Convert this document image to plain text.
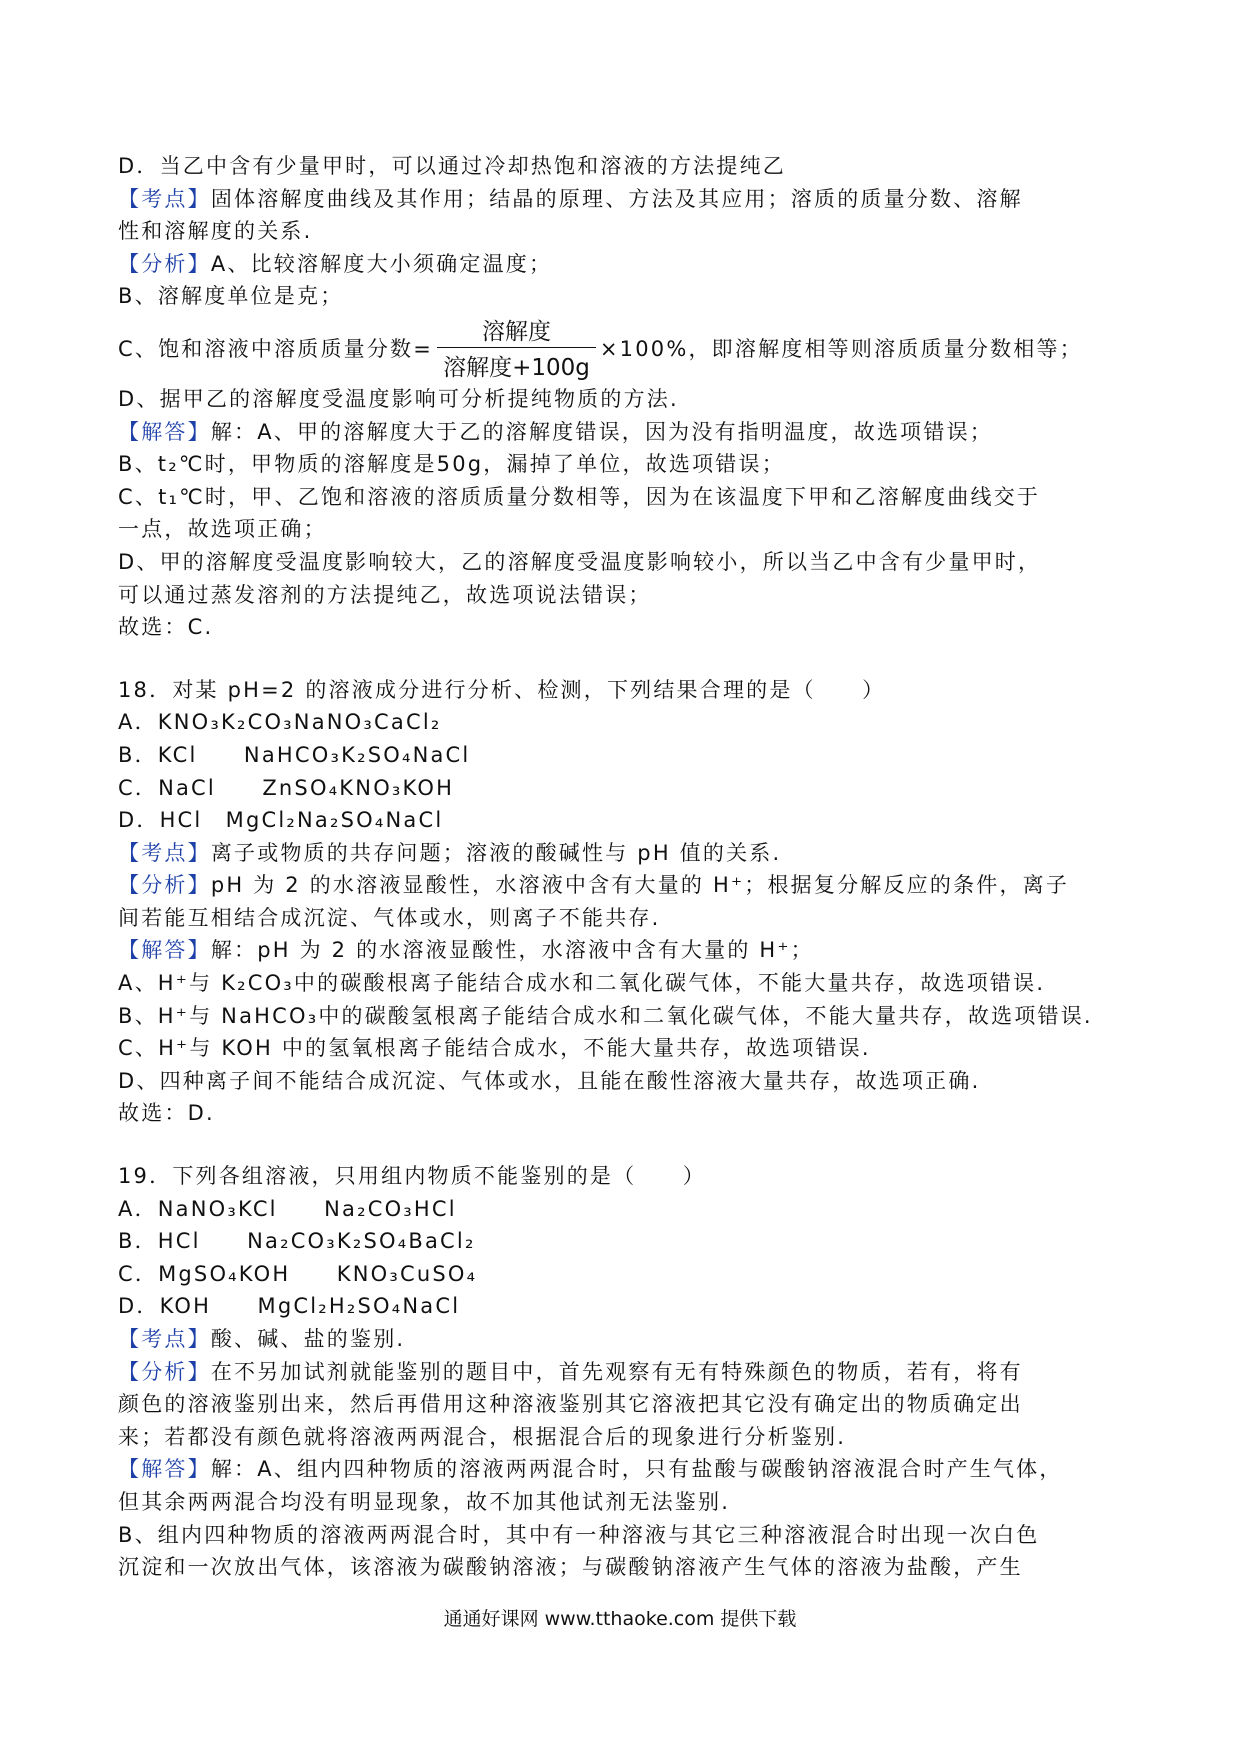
D．当乙中含有少量甲时，可以通过冷却热饱和溶液的方法提纯乙
【考点】固体溶解度曲线及其作用；结晶的原理、方法及其应用；溶质的质量分数、溶解
性和溶解度的关系.
【分析】A、比较溶解度大小须确定温度；
B、溶解度单位是克；
C、饱和溶液中溶质质量分数= $\frac{\text{溶解度}}{\text{溶解度+100g}} \times 100\%$，即溶解度相等则溶质质量分数相等；
D、据甲乙的溶解度受温度影响可分析提纯物质的方法.
【解答】解：A、甲的溶解度大于乙的溶解度错误，因为没有指明温度，故选项错误；
B、t₂℃时，甲物质的溶解度是50g，漏掉了单位，故选项错误；
C、t₁℃时，甲、乙饱和溶液的溶质质量分数相等，因为在该温度下甲和乙溶解度曲线交于
一点，故选项正确；
D、甲的溶解度受温度影响较大，乙的溶解度受温度影响较小，所以当乙中含有少量甲时，
可以通过蒸发溶剂的方法提纯乙，故选项说法错误；
故选：C.
18．对某 pH=2 的溶液成分进行分析、检测，下列结果合理的是（　　）
A．KNO₃K₂CO₃NaNO₃CaCl₂
B．KCl　　NaHCO₃K₂SO₄NaCl
C．NaCl　　ZnSO₄KNO₃KOH
D．HCl　MgCl₂Na₂SO₄NaCl
【考点】离子或物质的共存问题；溶液的酸碱性与 pH 值的关系.
【分析】pH 为 2 的水溶液显酸性，水溶液中含有大量的 H⁺；根据复分解反应的条件，离子
间若能互相结合成沉淀、气体或水，则离子不能共存.
【解答】解：pH 为 2 的水溶液显酸性，水溶液中含有大量的 H⁺；
A、H⁺与 K₂CO₃中的碳酸根离子能结合成水和二氧化碳气体，不能大量共存，故选项错误.
B、H⁺与 NaHCO₃中的碳酸氢根离子能结合成水和二氧化碳气体，不能大量共存，故选项错误.
C、H⁺与 KOH 中的氢氧根离子能结合成水，不能大量共存，故选项错误.
D、四种离子间不能结合成沉淀、气体或水，且能在酸性溶液大量共存，故选项正确.
故选：D.
19．下列各组溶液，只用组内物质不能鉴别的是（　　）
A．NaNO₃KCl　　Na₂CO₃HCl
B．HCl　　Na₂CO₃K₂SO₄BaCl₂
C．MgSO₄KOH　　KNO₃CuSO₄
D．KOH　　MgCl₂H₂SO₄NaCl
【考点】酸、碱、盐的鉴别.
【分析】在不另加试剂就能鉴别的题目中，首先观察有无有特殊颜色的物质，若有，将有
颜色的溶液鉴别出来，然后再借用这种溶液鉴别其它溶液把其它没有确定出的物质确定出
来；若都没有颜色就将溶液两两混合，根据混合后的现象进行分析鉴别.
【解答】解：A、组内四种物质的溶液两两混合时，只有盐酸与碳酸钠溶液混合时产生气体，
但其余两两混合均没有明显现象，故不加其他试剂无法鉴别.
B、组内四种物质的溶液两两混合时，其中有一种溶液与其它三种溶液混合时出现一次白色
沉淀和一次放出气体，该溶液为碳酸钠溶液；与碳酸钠溶液产生气体的溶液为盐酸，产生
通通好课网 www.tthaoke.com 提供下载
